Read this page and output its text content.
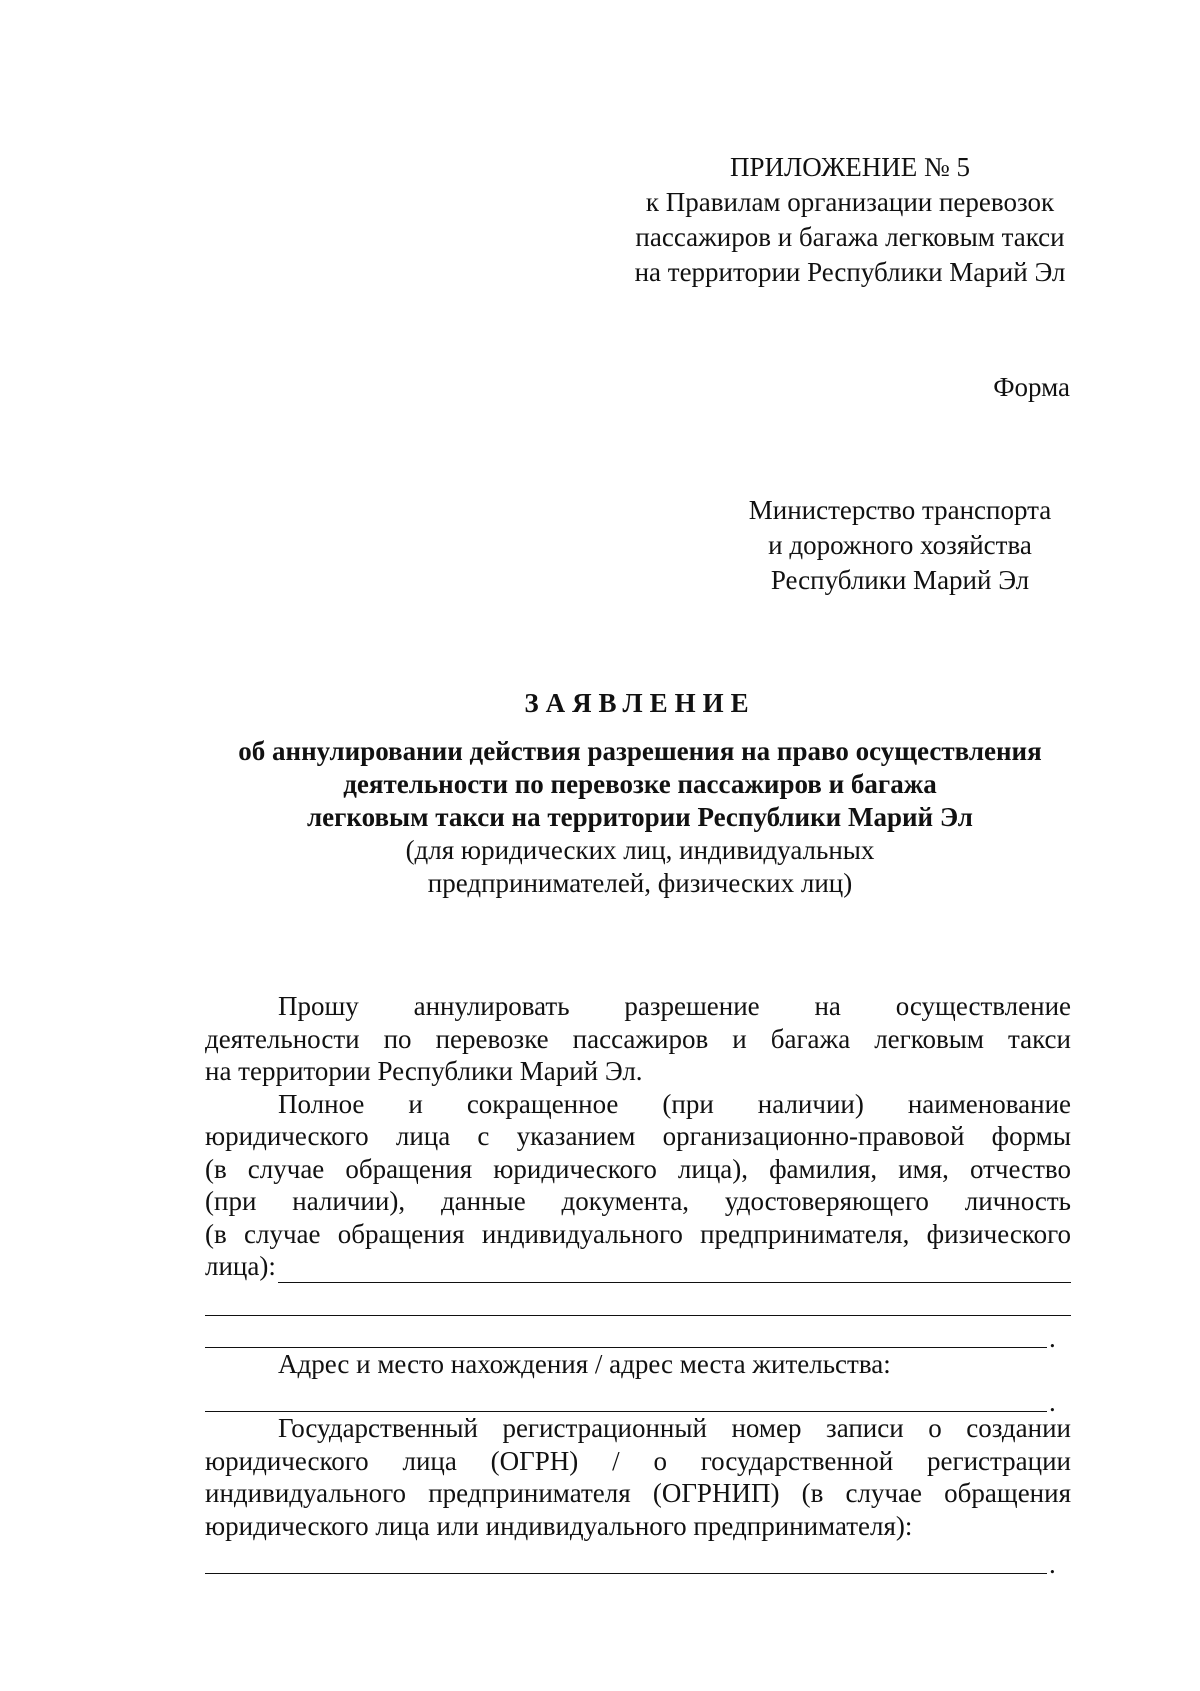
ПРИЛОЖЕНИЕ № 5
к Правилам организации перевозок
пассажиров и багажа легковым такси
на территории Республики Марий Эл
Форма
Министерство транспорта
и дорожного хозяйства
Республики Марий Эл
ЗАЯВЛЕНИЕ
об аннулировании действия разрешения на право осуществления
деятельности по перевозке пассажиров и багажа
легковым такси на территории Республики Марий Эл
(для юридических лиц, индивидуальных
предпринимателей, физических лиц)
Прошу аннулировать разрешение на осуществление
деятельности по перевозке пассажиров и багажа легковым такси
на территории Республики Марий Эл.
Полное и сокращенное (при наличии) наименование
юридического лица с указанием организационно-правовой формы
(в случае обращения юридического лица), фамилия, имя, отчество
(при наличии), данные документа, удостоверяющего личность
(в случае обращения индивидуального предпринимателя, физического
лица):
.
Адрес и место нахождения / адрес места жительства:
.
Государственный регистрационный номер записи о создании
юридического лица (ОГРН) / о государственной регистрации
индивидуального предпринимателя (ОГРНИП) (в случае обращения
юридического лица или индивидуального предпринимателя):
.
